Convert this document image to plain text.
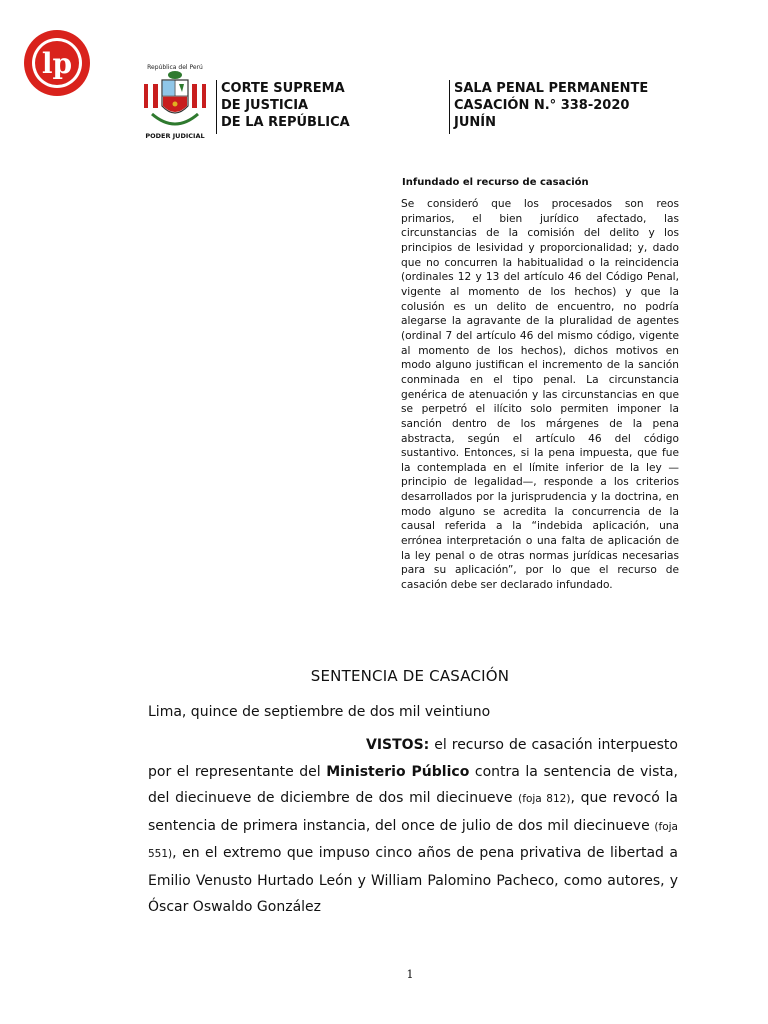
lp	República del Perú
PODER JUDICIAL
CORTE SUPREMA
DE JUSTICIA
DE LA REPÚBLICA
SALA PENAL PERMANENTE
CASACIÓN N.° 338-2020
JUNÍN
Infundado el recurso de casación

Se consideró que los procesados son reos primarios, el bien jurídico afectado, las circunstancias de la comisión del delito y los principios de lesividad y proporcionalidad; y, dado que no concurren la habitualidad o la reincidencia (ordinales 12 y 13 del artículo 46 del Código Penal, vigente al momento de los hechos) y que la colusión es un delito de encuentro, no podría alegarse la agravante de la pluralidad de agentes (ordinal 7 del artículo 46 del mismo código, vigente al momento de los hechos), dichos motivos en modo alguno justifican el incremento de la sanción conminada en el tipo penal. La circunstancia genérica de atenuación y las circunstancias en que se perpetró el ilícito solo permiten imponer la sanción dentro de los márgenes de la pena abstracta, según el artículo 46 del código sustantivo. Entonces, si la pena impuesta, que fue la contemplada en el límite inferior de la ley —principio de legalidad—, responde a los criterios desarrollados por la jurisprudencia y la doctrina, en modo alguno se acredita la concurrencia de la causal referida a la “indebida aplicación, una errónea interpretación o una falta de aplicación de la ley penal o de otras normas jurídicas necesarias para su aplicación”, por lo que el recurso de casación debe ser declarado infundado.

SENTENCIA DE CASACIÓN
Lima, quince de septiembre de dos mil veintiuno

VISTOS: el recurso de casación interpuesto por el representante del Ministerio Público contra la sentencia de vista, del diecinueve de diciembre de dos mil diecinueve (foja 812), que revocó la sentencia de primera instancia, del once de julio de dos mil diecinueve (foja 551), en el extremo que impuso cinco años de pena privativa de libertad a Emilio Venusto Hurtado León y William Palomino Pacheco, como autores, y Óscar Oswaldo González

1
